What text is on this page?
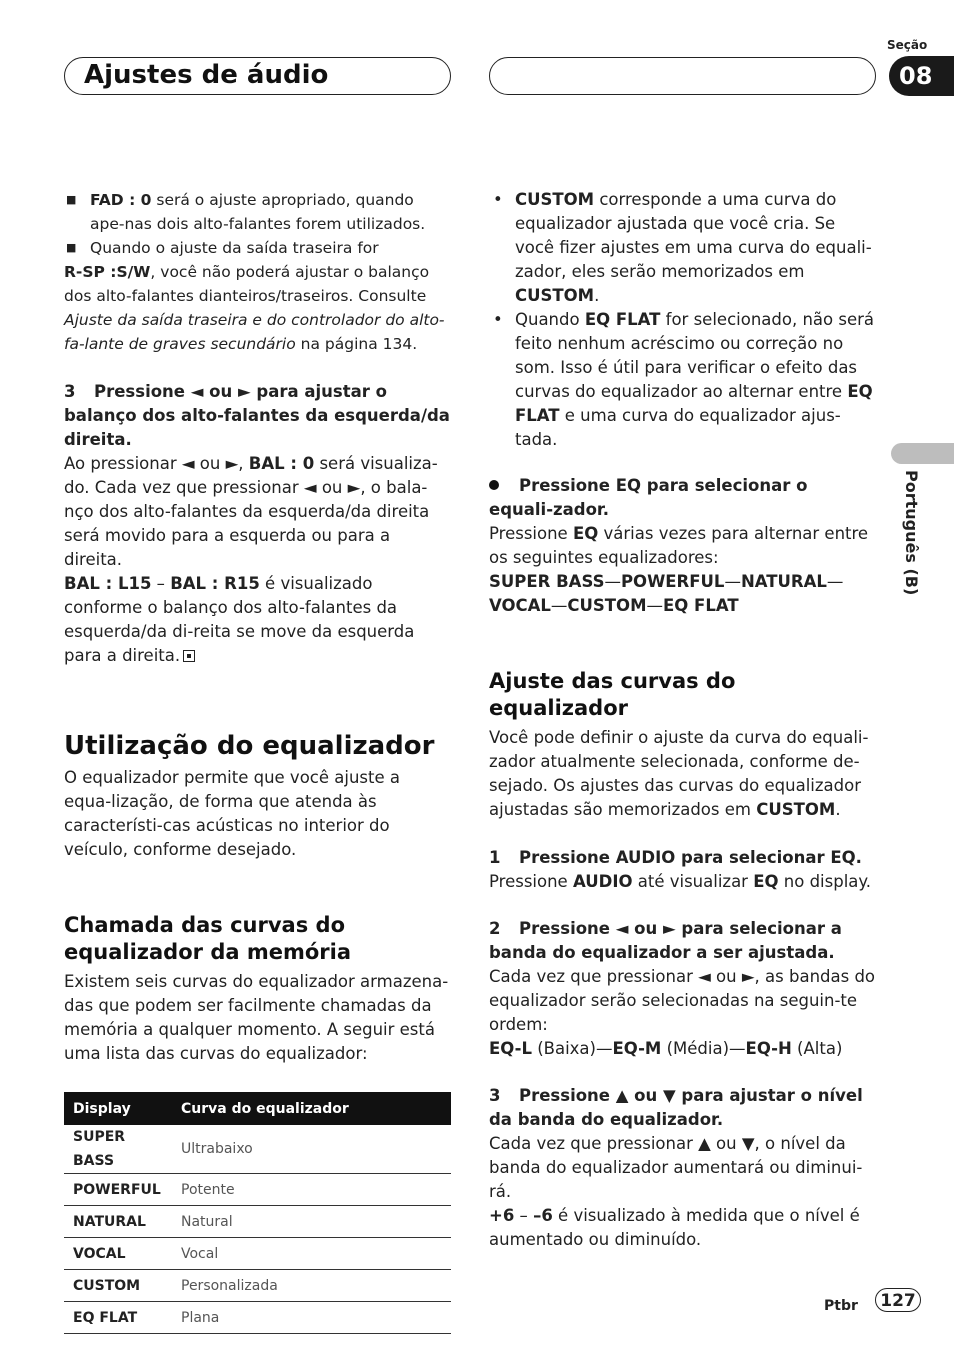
Ajustes de áudio
Seção
08
Português (B)

■ FAD : 0 será o ajuste apropriado, quando ape-nas dois alto-falantes forem utilizados.

■ Quando o ajuste da saída traseira for

R-SP :S/W, você não poderá ajustar o balanço dos alto-falantes dianteiros/traseiros. Consulte Ajuste da saída traseira e do controlador do alto-fa-lante de graves secundário na página 134.

3 Pressione ◄ ou ► para ajustar o balanço dos alto-falantes da esquerda/da direita.

Ao pressionar ◄ ou ►, BAL : 0 será visualiza-do. Cada vez que pressionar ◄ ou ►, o bala-nço dos alto-falantes da esquerda/da direita será movido para a esquerda ou para a direita.

BAL : L15 – BAL : R15 é visualizado conforme o balanço dos alto-falantes da esquerda/da di-reita se move da esquerda para a direita.

Utilização do equalizador

O equalizador permite que você ajuste a equa-lização, de forma que atenda às característi-cas acústicas no interior do veículo, conforme desejado.

Chamada das curvas do equalizador da memória

Existem seis curvas do equalizador armazena-das que podem ser facilmente chamadas da memória a qualquer momento. A seguir está uma lista das curvas do equalizador:

Display	Curva do equalizador
SUPER BASS	Ultrabaixo
POWERFUL	Potente
NATURAL	Natural
VOCAL	Vocal
CUSTOM	Personalizada
EQ FLAT	Plana

• CUSTOM corresponde a uma curva do equalizador ajustada que você cria. Se você fizer ajustes em uma curva do equali-zador, eles serão memorizados em CUSTOM.

• Quando EQ FLAT for selecionado, não será feito nenhum acréscimo ou correção no som. Isso é útil para verificar o efeito das curvas do equalizador ao alternar entre EQ FLAT e uma curva do equalizador ajus-tada.

Pressione EQ para selecionar o equali-zador.

Pressione EQ várias vezes para alternar entre os seguintes equalizadores:

SUPER BASS—POWERFUL—NATURAL—
VOCAL—CUSTOM—EQ FLAT

Ajuste das curvas do equalizador

Você pode definir o ajuste da curva do equali-zador atualmente selecionada, conforme de-sejado. Os ajustes das curvas do equalizador ajustadas são memorizados em CUSTOM.

1 Pressione AUDIO para selecionar EQ.

Pressione AUDIO até visualizar EQ no display.

2 Pressione ◄ ou ► para selecionar a banda do equalizador a ser ajustada.

Cada vez que pressionar ◄ ou ►, as bandas do equalizador serão selecionadas na seguin-te ordem:

EQ-L (Baixa)—EQ-M (Média)—EQ-H (Alta)

3 Pressione ▲ ou ▼ para ajustar o nível da banda do equalizador.

Cada vez que pressionar ▲ ou ▼, o nível da banda do equalizador aumentará ou diminui-rá.

+6 – –6 é visualizado à medida que o nível é aumentado ou diminuído.

Ptbr	127
